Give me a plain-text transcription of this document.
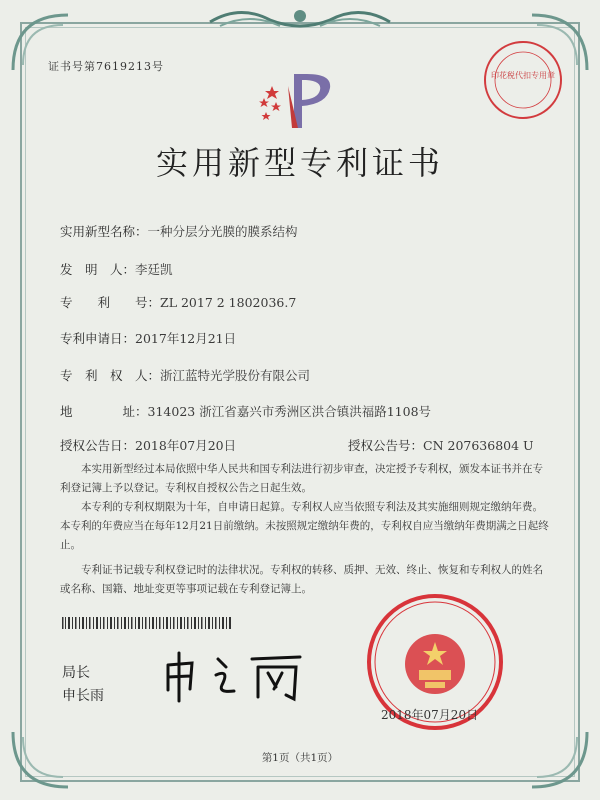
证书号第7619213号
印花税代扣专用章
实用新型专利证书
实用新型名称：一种分层分光膜的膜系结构
发　明　人：李廷凯
专　　利　　号：ZL 2017 2 1802036.7
专利申请日：2017年12月21日
专　利　权　人：浙江蓝特光学股份有限公司
地　　　　址：314023 浙江省嘉兴市秀洲区洪合镇洪福路1108号
授权公告日：2018年07月20日	授权公告号：CN 207636804 U

本实用新型经过本局依照中华人民共和国专利法进行初步审查，决定授予专利权，颁发本证书并在专利登记簿上予以登记。专利权自授权公告之日起生效。

本专利的专利权期限为十年，自申请日起算。专利权人应当依照专利法及其实施细则规定缴纳年费。本专利的年费应当在每年12月21日前缴纳。未按照规定缴纳年费的，专利权自应当缴纳年费期满之日起终止。

专利证书记载专利权登记时的法律状况。专利权的转移、质押、无效、终止、恢复和专利权人的姓名或名称、国籍、地址变更等事项记载在专利登记簿上。

局长
申长雨
2018年07月20日
第1页（共1页）
